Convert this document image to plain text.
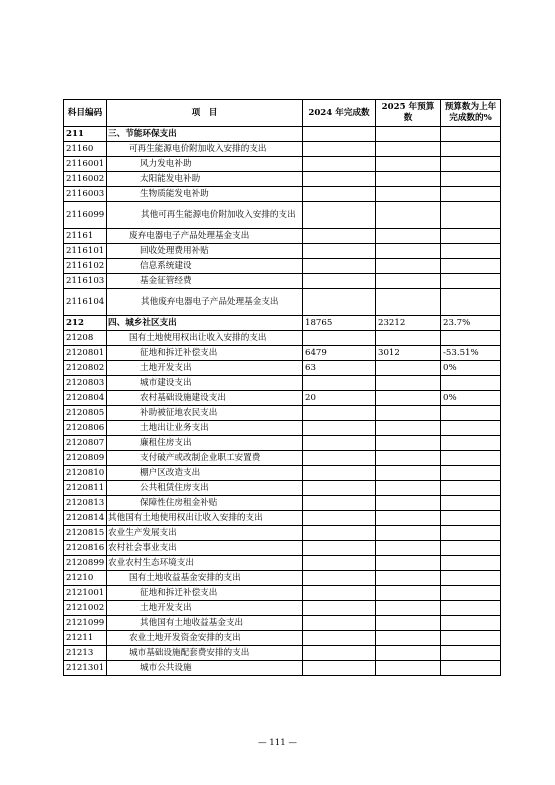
科目编码	项　目	2024 年完成数	2025 年预算数	预算数为上年完成数的%
211	三、节能环保支出			
21160	可再生能源电价附加收入安排的支出			
2116001	风力发电补助			
2116002	太阳能发电补助			
2116003	生物质能发电补助			
2116099	其他可再生能源电价附加收入安排的支出			
21161	废弃电器电子产品处理基金支出			
2116101	回收处理费用补贴			
2116102	信息系统建设			
2116103	基金征管经费			
2116104	其他废弃电器电子产品处理基金支出			
212	四、城乡社区支出	18765	23212	23.7%
21208	国有土地使用权出让收入安排的支出			
2120801	征地和拆迁补偿支出	6479	3012	-53.51%
2120802	土地开发支出	63		0%
2120803	城市建设支出			
2120804	农村基础设施建设支出	20		0%
2120805	补助被征地农民支出			
2120806	土地出让业务支出			
2120807	廉租住房支出			
2120809	支付破产或改制企业职工安置费			
2120810	棚户区改造支出			
2120811	公共租赁住房支出			
2120813	保障性住房租金补贴			
2120814	其他国有土地使用权出让收入安排的支出			
2120815	农业生产发展支出			
2120816	农村社会事业支出			
2120899	农业农村生态环境支出			
21210	国有土地收益基金安排的支出			
2121001	征地和拆迁补偿支出			
2121002	土地开发支出			
2121099	其他国有土地收益基金支出			
21211	农业土地开发资金安排的支出			
21213	城市基础设施配套费安排的支出			
2121301	城市公共设施			
— 111 —
